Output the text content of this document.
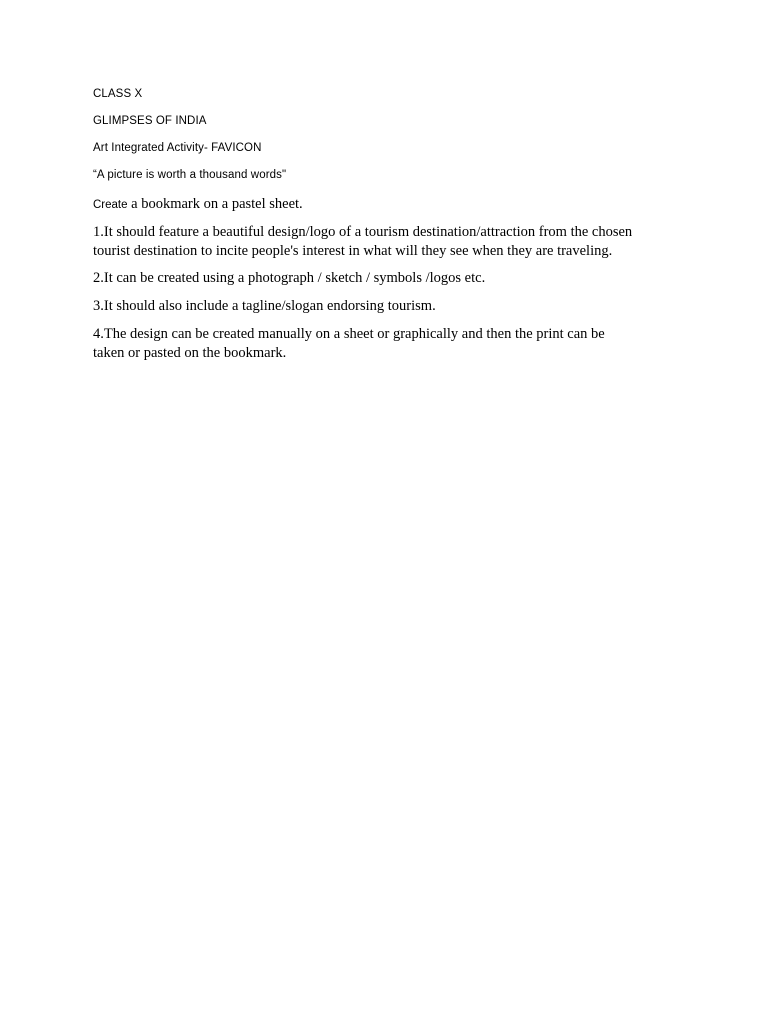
CLASS X

GLIMPSES OF INDIA

Art Integrated Activity- FAVICON

“A picture is worth a thousand words"

Create a bookmark on a pastel sheet.

1.It should feature a beautiful design/logo of a tourism destination/attraction from the chosen
tourist destination to incite people's interest in what will they see when they are traveling.
2.It can be created using a photograph / sketch / symbols /logos etc.
3.It should also include a tagline/slogan endorsing tourism.
4.The design can be created manually on a sheet or graphically and then the print can be
taken or pasted on the bookmark.
